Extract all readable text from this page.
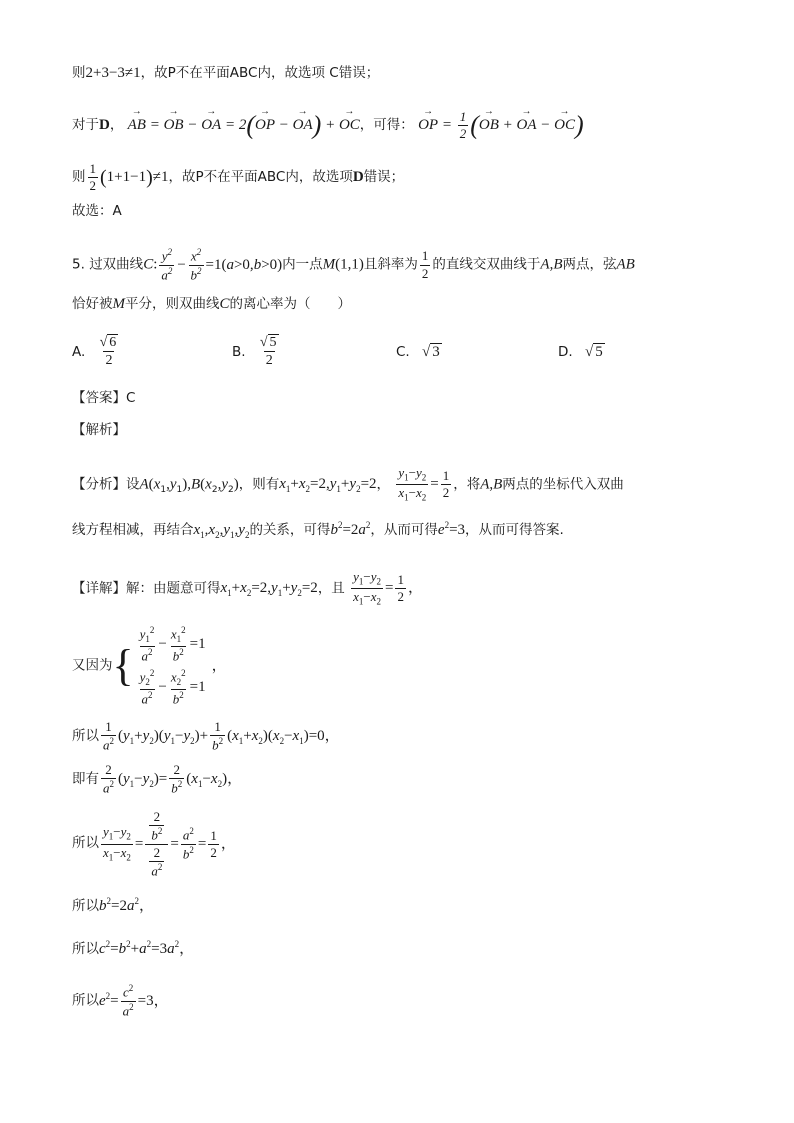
则2+3−3≠1，故P不在平面ABC内，故选项 C错误；
对于D， → AB = → OB − → OA = 2(→ OP − → OA) + → OC，可得： → OP = $\frac{1}{2}$ (→ OB + → OA − → OC)
则 $\frac{1}{2} (1+1-1)\ne 1$，故P不在平面ABC内，故选项D错误；
故选：A
5. 过双曲线C: $\frac{y^2}{a^2} - \frac{x^2}{b^2} =1(a>0,b>0)$内一点M(1,1)且斜率为 $\frac{1}{2}$ 的直线交双曲线于A,B两点，弦AB
恰好被M平分，则双曲线C的离心率为（　　）
A. $\frac{√ 6}{2}$	B. $\frac{√ 5}{2}$	C. √ 3	D. √ 5
【答案】C
【解析】
【分析】设$A(x_1,y_1),B(x_2,y_2)$，则有$x_1+x_2=2,y_1+y_2=2$， $\frac{y_1-y_2}{x_1-x_2} = \frac{1}{2}$ ，将A,B两点的坐标代入双曲
线方程相减，再结合$x_1,x_2,y_1,y_2$的关系，可得$b^2=2a^2$，从而可得$e^2=3$，从而可得答案.
【详解】解：由题意可得$x_1+x_2=2,y_1+y_2=2$，且 $\frac{y_1-y_2}{x_1-x_2} = \frac{1}{2}$ ，
又因为{ $\frac{y_1^2}{a^2} - \frac{x_1^2}{b^2} =1$
$\frac{y_2^2}{a^2} - \frac{x_2^2}{b^2} =1$
，
所以 $\frac{1}{a^2} (y_1+y_2)(y_1-y_2)+ \frac{1}{b^2} (x_1+x_2)(x_2-x_1)=0$，
即有 $\frac{2}{a^2} (y_1-y_2)= \frac{2}{b^2} (x_1-x_2)$，
所以 $\frac{y_1-y_2}{x_1-x_2} = \frac{\frac{2}{b^2}}{\frac{2}{a^2}} = \frac{a^2}{b^2} = \frac{1}{2}$ ，
所以$b^2=2a^2$，
所以$c^2=b^2+a^2=3a^2$，
所以$e^2= \frac{c^2}{a^2} =3$，
